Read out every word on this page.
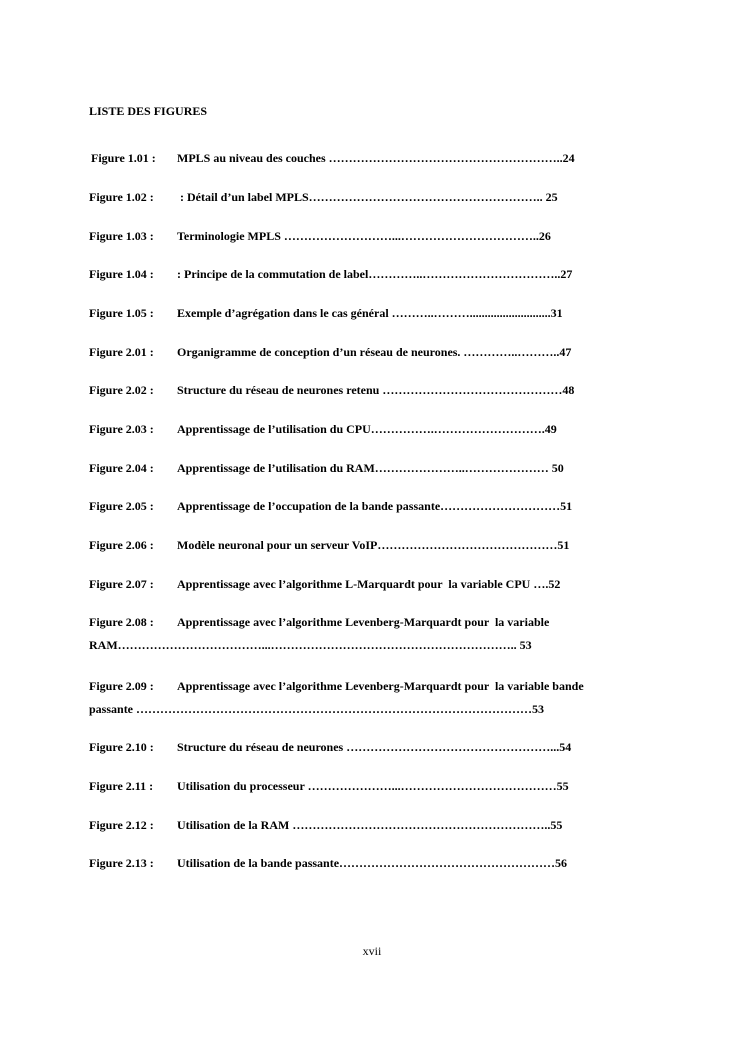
LISTE DES FIGURES
Figure 1.01 : MPLS au niveau des couches …………………………………………………..24
Figure 1.02 : : Détail d’un label MPLS………………………………………………….. 25
Figure 1.03 : Terminologie MPLS ………………………...……………………………..26
Figure 1.04 : : Principe de la commutation de label…………..……………………………..27
Figure 1.05 : Exemple d’agrégation dans le cas général ………..………...........................31
Figure 2.01 : Organigramme de conception d’un réseau de neurones. …………..………..47
Figure 2.02 : Structure du réseau de neurones retenu ………………………………………48
Figure 2.03 : Apprentissage de l’utilisation du CPU…………….……………………….49
Figure 2.04 : Apprentissage de l’utilisation du RAM…………………..………………… 50
Figure 2.05 : Apprentissage de l’occupation de la bande passante…………………………51
Figure 2.06 : Modèle neuronal pour un serveur VoIP………………………………………51
Figure 2.07 : Apprentissage avec l’algorithme L-Marquardt pour  la variable CPU ….52
Figure 2.08 : Apprentissage avec l’algorithme Levenberg-Marquardt pour  la variable
RAM………………………………...…………………………………………………….. 53
Figure 2.09 : Apprentissage avec l’algorithme Levenberg-Marquardt pour  la variable bande
passante ………………………………………………………………………………………53
Figure 2.10 : Structure du réseau de neurones ……………………………………………...54
Figure 2.11 : Utilisation du processeur …………………...…………………………………55
Figure 2.12 : Utilisation de la RAM ………………………………………………………..55
Figure 2.13 : Utilisation de la bande passante………………………………………………56
xvii
